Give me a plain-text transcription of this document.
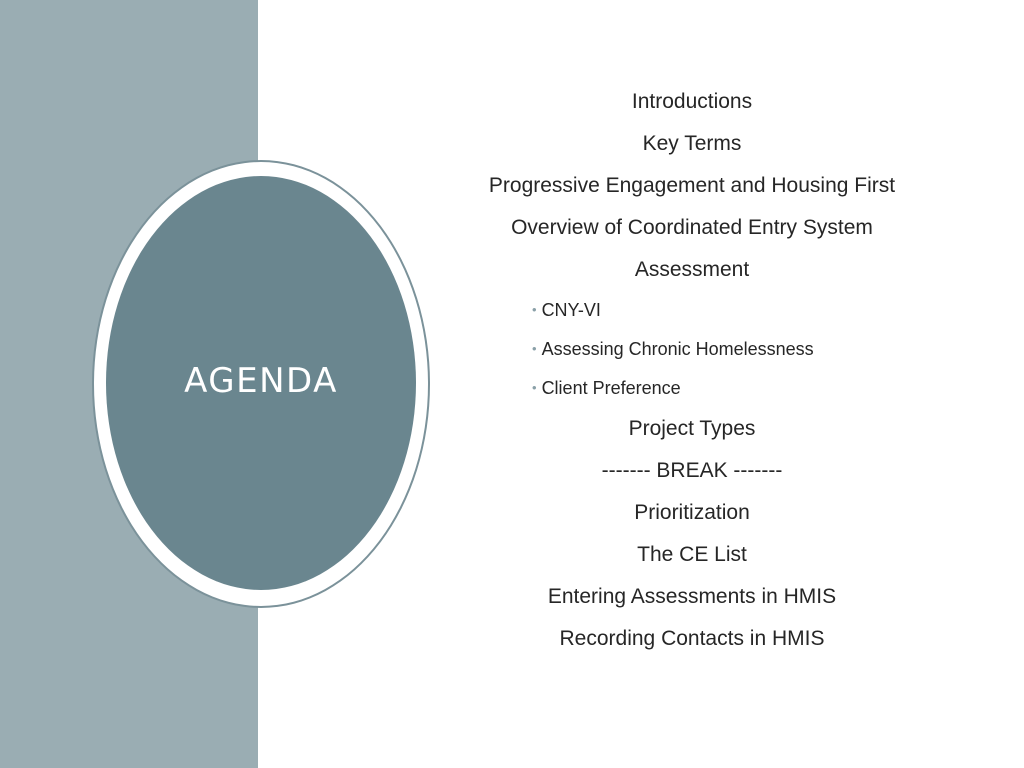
AGENDA
Introductions
Key Terms
Progressive Engagement and Housing First
Overview of Coordinated Entry System
Assessment
• CNY-VI
• Assessing Chronic Homelessness
• Client Preference
Project Types
------- BREAK -------
Prioritization
The CE List
Entering Assessments in HMIS
Recording Contacts in HMIS
